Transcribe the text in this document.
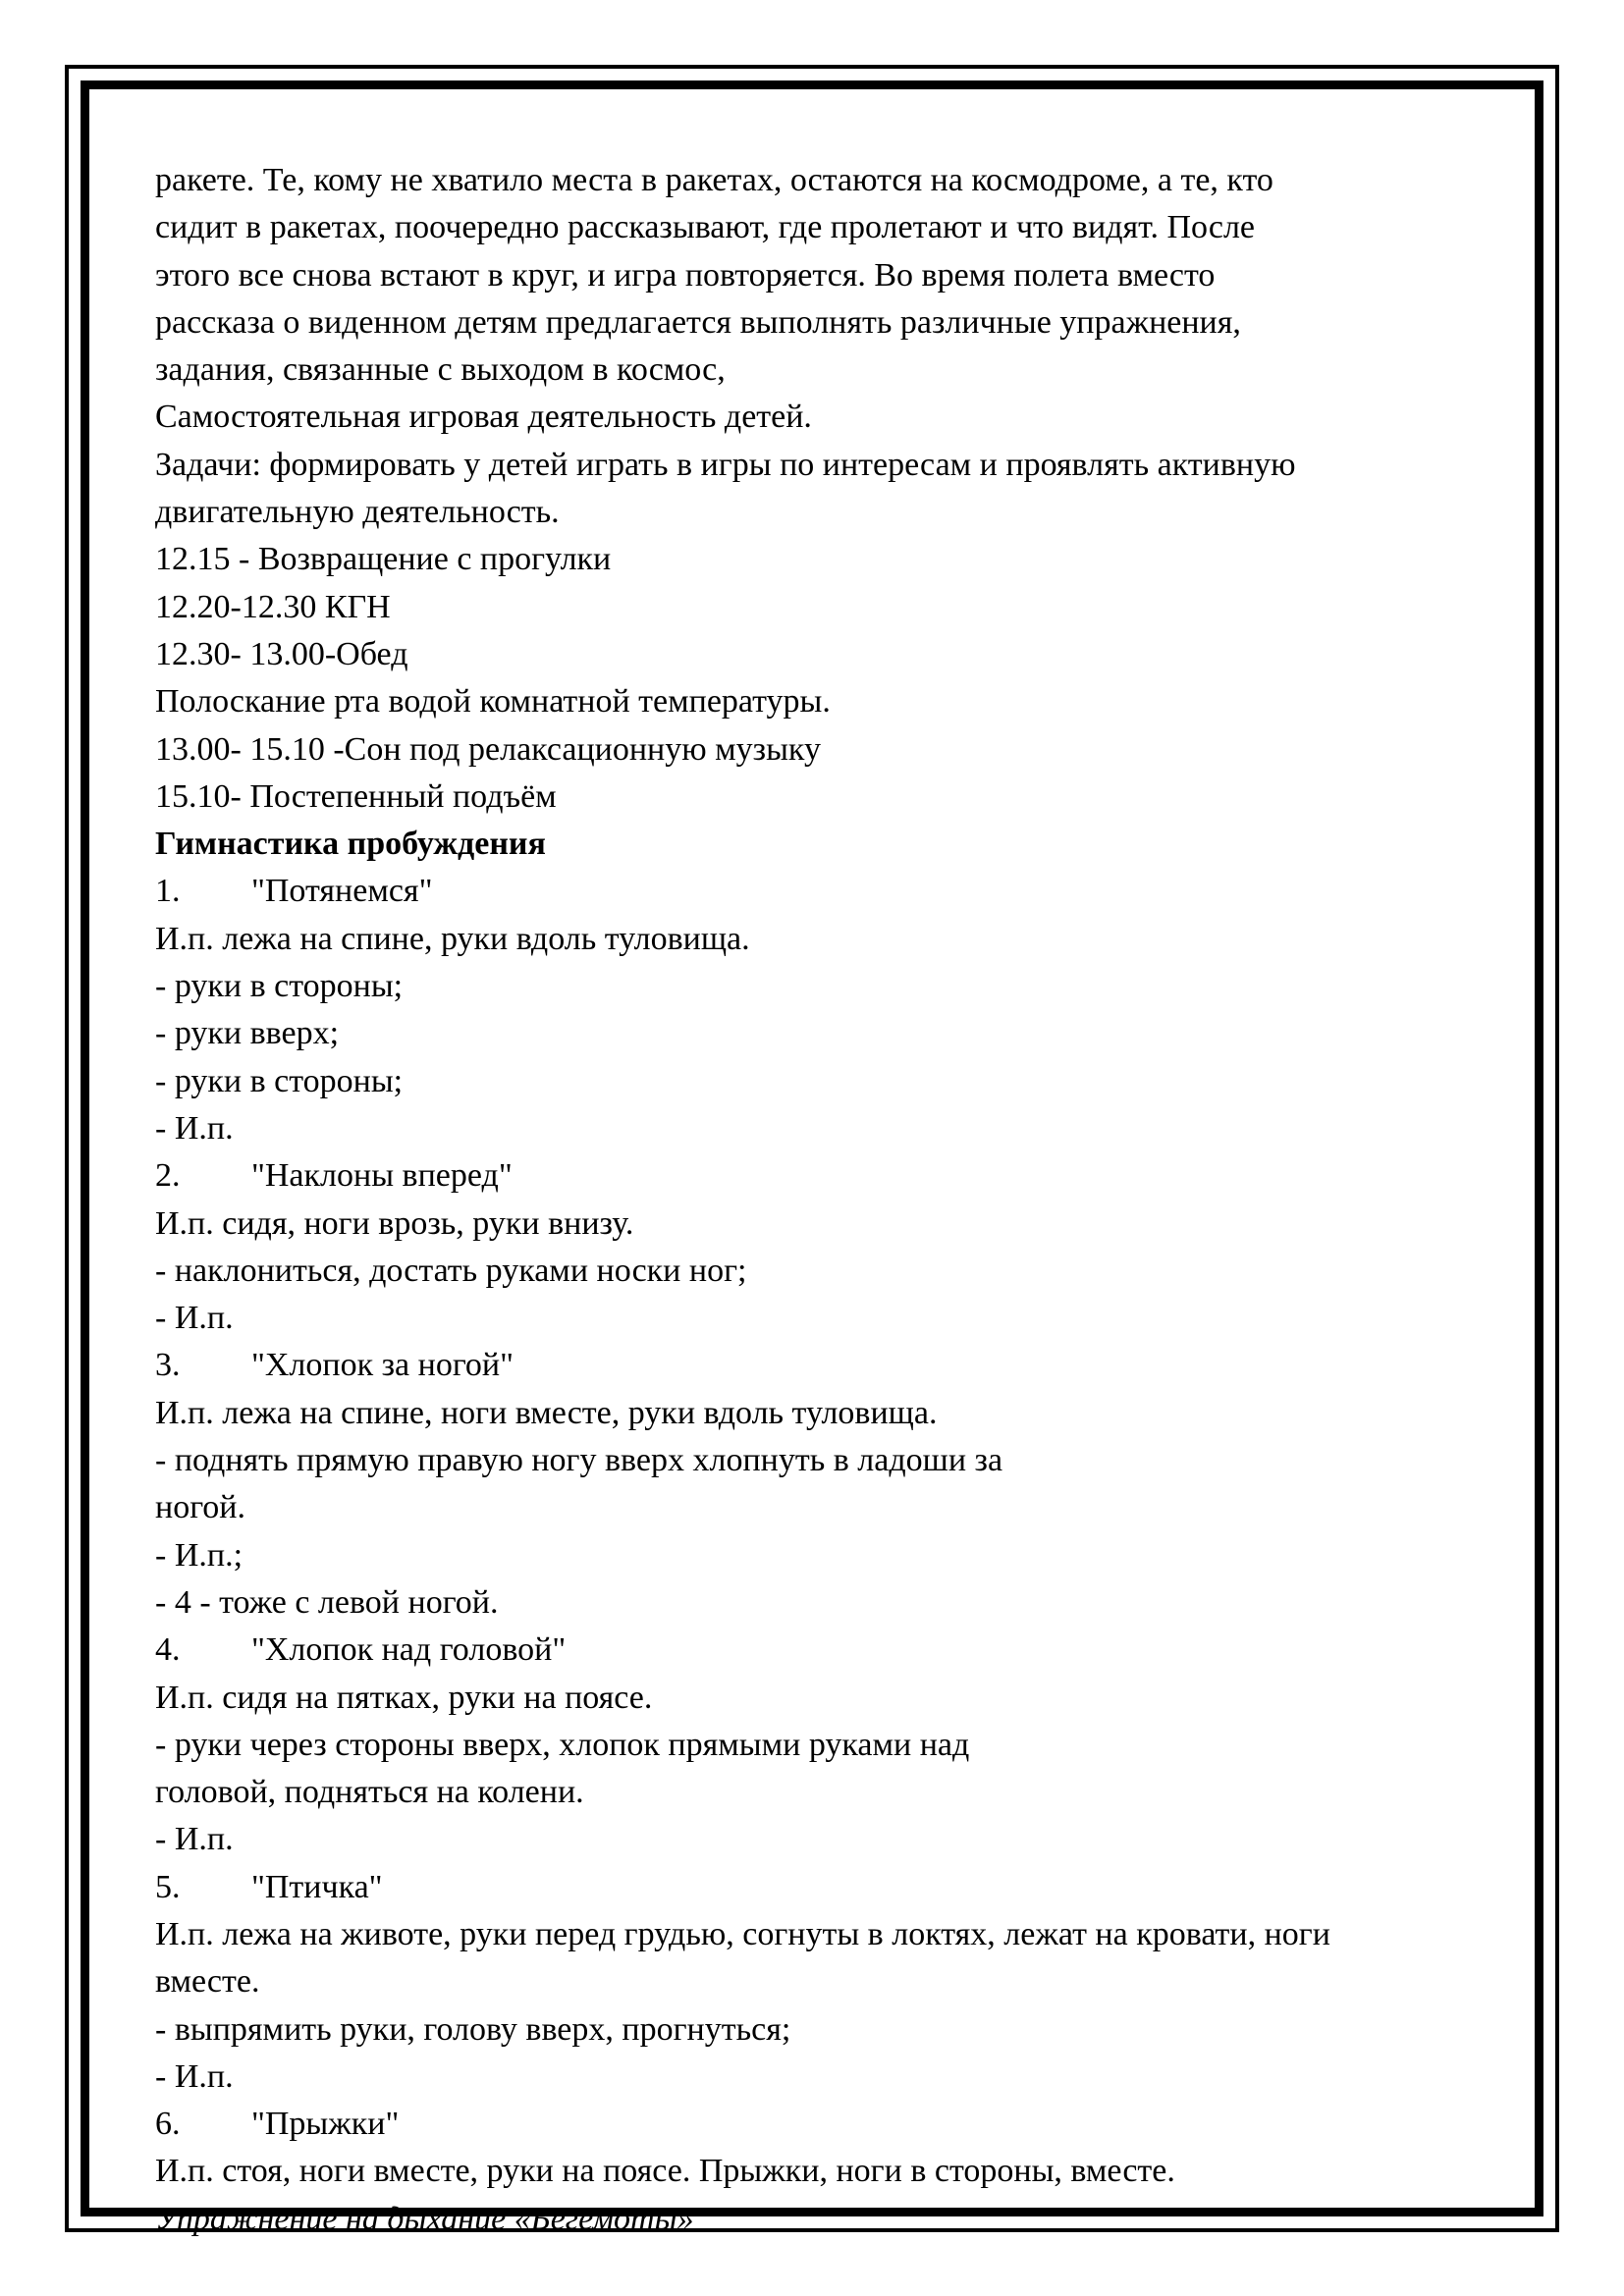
ракете. Те, кому не хватило места в ракетах, остаются на космодроме, а те, кто
сидит в ракетах, поочередно рассказывают, где пролетают и что видят. После
этого все снова встают в круг, и игра повторяется. Во время полета вместо
рассказа о виденном детям предлагается выполнять различные упражнения,
задания, связанные с выходом в космос,
Самостоятельная игровая деятельность детей.
Задачи: формировать у детей играть в игры по интересам и проявлять активную
двигательную деятельность.
12.15 - Возвращение с прогулки
12.20-12.30 КГН
12.30- 13.00-Обед
Полоскание рта водой комнатной температуры.
13.00- 15.10 -Сон под релаксационную музыку
15.10- Постепенный подъём
Гимнастика пробуждения
1. "Потянемся"
И.п. лежа на спине, руки вдоль туловища.
- руки в стороны;
- руки вверх;
- руки в стороны;
- И.п.
2. "Наклоны вперед"
И.п. сидя, ноги врозь, руки внизу.
- наклониться, достать руками носки ног;
- И.п.
3. "Хлопок за ногой"
И.п. лежа на спине, ноги вместе, руки вдоль туловища.
- поднять прямую правую ногу вверх хлопнуть в ладоши за
ногой.
- И.п.;
- 4 - тоже с левой ногой.
4. "Хлопок над головой"
И.п. сидя на пятках, руки на поясе.
- руки через стороны вверх, хлопок прямыми руками над
головой, подняться на колени.
- И.п.
5. "Птичка"
И.п. лежа на животе, руки перед грудью, согнуты в локтях, лежат на кровати, ноги
вместе.
- выпрямить руки, голову вверх, прогнуться;
- И.п.
6. "Прыжки"
И.п. стоя, ноги вместе, руки на поясе. Прыжки, ноги в стороны, вместе.
Упражнение на дыхание «Бегемоты»
